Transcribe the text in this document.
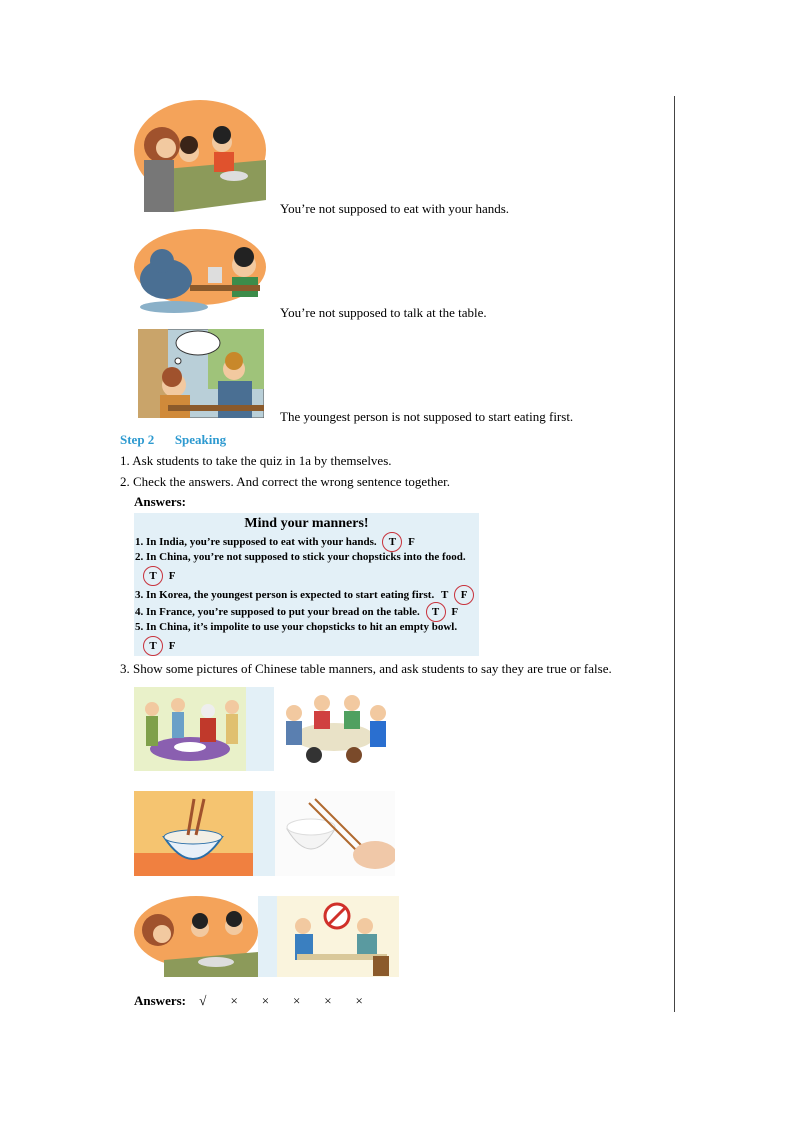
You’re not supposed to eat with your hands.
You’re not supposed to talk at the table.
The youngest person is not supposed to start eating first.
Step 2 Speaking
1. Ask students to take the quiz in 1a by themselves.
2. Check the answers. And correct the wrong sentence together.
Answers:
Mind your manners!
1. In India, you’re supposed to eat with your hands. T F
2. In China, you’re not supposed to stick your chopsticks into the food.
T F
3. In Korea, the youngest person is expected to start eating first. T F
4. In France, you’re supposed to put your bread on the table. T F
5. In China, it’s impolite to use your chopsticks to hit an empty bowl.
T F
3. Show some pictures of Chinese table manners, and ask students to say they are true or false.
Answers: √ × × × × ×
